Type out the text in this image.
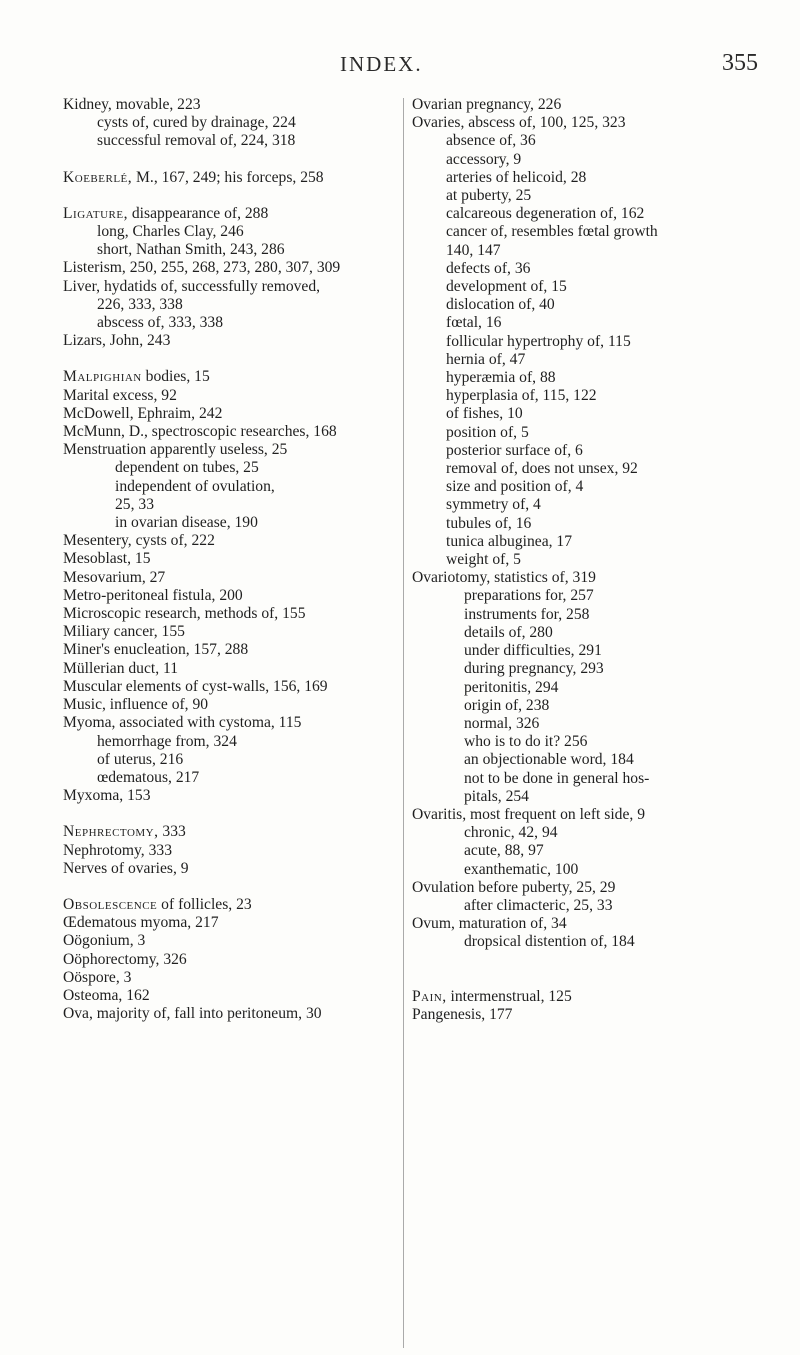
INDEX.	355
Kidney, movable, 223
cysts of, cured by drainage, 224
successful removal of, 224, 318
Koeberlé, M., 167, 249; his forceps, 258
Ligature, disappearance of, 288
long, Charles Clay, 246
short, Nathan Smith, 243, 286
Listerism, 250, 255, 268, 273, 280, 307, 309
Liver, hydatids of, successfully removed,
226, 333, 338
abscess of, 333, 338
Lizars, John, 243
Malpighian bodies, 15
Marital excess, 92
McDowell, Ephraim, 242
McMunn, D., spectroscopic researches, 168
Menstruation apparently useless, 25
dependent on tubes, 25
independent of ovulation,
25, 33
in ovarian disease, 190
Mesentery, cysts of, 222
Mesoblast, 15
Mesovarium, 27
Metro-peritoneal fistula, 200
Microscopic research, methods of, 155
Miliary cancer, 155
Miner's enucleation, 157, 288
Müllerian duct, 11
Muscular elements of cyst-walls, 156, 169
Music, influence of, 90
Myoma, associated with cystoma, 115
hemorrhage from, 324
of uterus, 216
œdematous, 217
Myxoma, 153
Nephrectomy, 333
Nephrotomy, 333
Nerves of ovaries, 9
Obsolescence of follicles, 23
Œdematous myoma, 217
Oögonium, 3
Oöphorectomy, 326
Oöspore, 3
Osteoma, 162
Ova, majority of, fall into peritoneum, 30
Ovarian pregnancy, 226
Ovaries, abscess of, 100, 125, 323
absence of, 36
accessory, 9
arteries of helicoid, 28
at puberty, 25
calcareous degeneration of, 162
cancer of, resembles fœtal growth
140, 147
defects of, 36
development of, 15
dislocation of, 40
fœtal, 16
follicular hypertrophy of, 115
hernia of, 47
hyperæmia of, 88
hyperplasia of, 115, 122
of fishes, 10
position of, 5
posterior surface of, 6
removal of, does not unsex, 92
size and position of, 4
symmetry of, 4
tubules of, 16
tunica albuginea, 17
weight of, 5
Ovariotomy, statistics of, 319
preparations for, 257
instruments for, 258
details of, 280
under difficulties, 291
during pregnancy, 293
peritonitis, 294
origin of, 238
normal, 326
who is to do it? 256
an objectionable word, 184
not to be done in general hos-
pitals, 254
Ovaritis, most frequent on left side, 9
chronic, 42, 94
acute, 88, 97
exanthematic, 100
Ovulation before puberty, 25, 29
after climacteric, 25, 33
Ovum, maturation of, 34
dropsical distention of, 184
Pain, intermenstrual, 125
Pangenesis, 177
